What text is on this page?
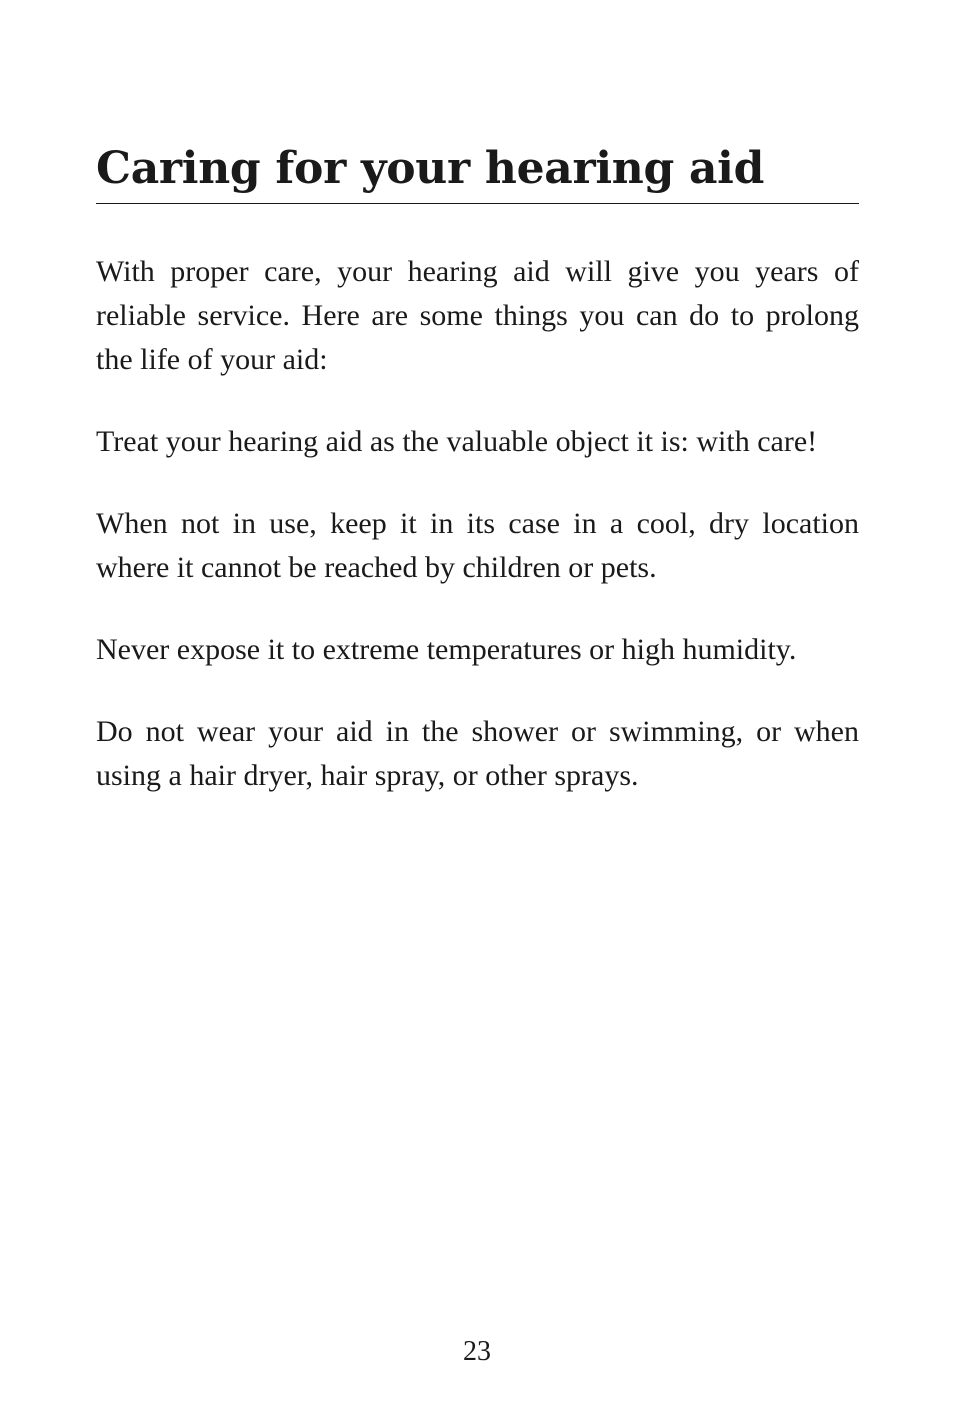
Caring for your hearing aid

With proper care, your hearing aid will give you years of reliable service. Here are some things you can do to prolong the life of your aid:

Treat your hearing aid as the valuable object it is: with care!

When not in use, keep it in its case in a cool, dry location where it cannot be reached by children or pets.

Never expose it to extreme temperatures or high humidity.

Do not wear your aid in the shower or swimming, or when using a hair dryer, hair spray, or other sprays.

23
